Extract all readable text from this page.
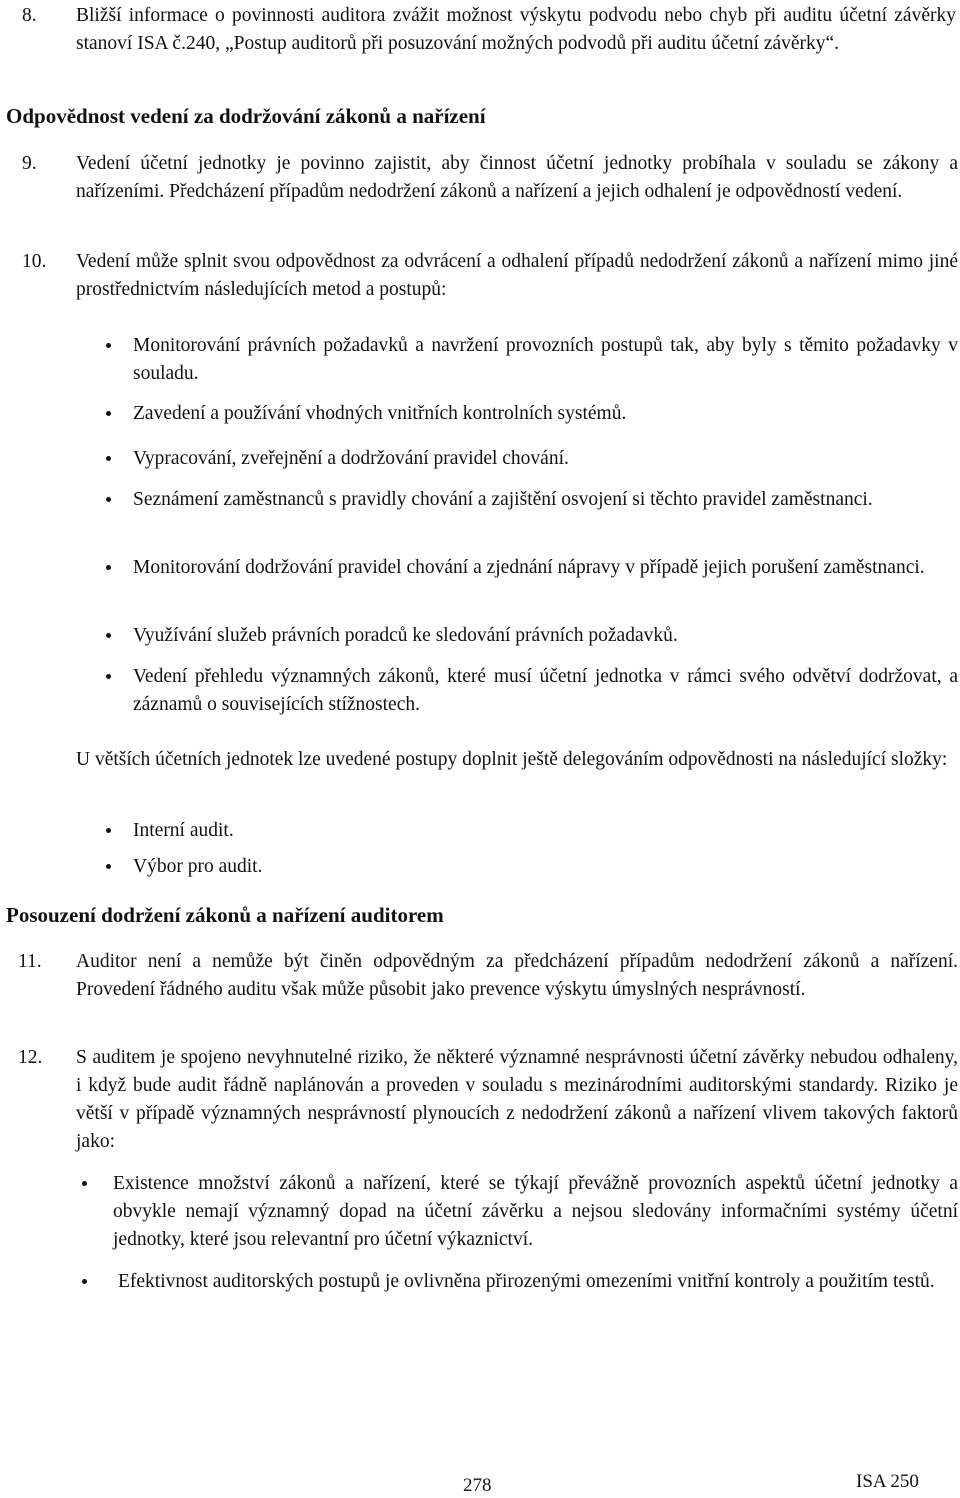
8. Bližší informace o povinnosti auditora zvážit možnost výskytu podvodu nebo chyb při auditu účetní závěrky stanoví ISA č.240, „Postup auditorů při posuzování možných podvodů při auditu účetní závěrky“.
Odpovědnost vedení za dodržování zákonů a nařízení
9. Vedení účetní jednotky je povinno zajistit, aby činnost účetní jednotky probíhala v souladu se zákony a nařízeními. Předcházení případům nedodržení zákonů a nařízení a jejich odhalení je odpovědností vedení.
10. Vedení může splnit svou odpovědnost za odvrácení a odhalení případů nedodržení zákonů a nařízení mimo jiné prostřednictvím následujících metod a postupů:
Monitorování právních požadavků a navržení provozních postupů tak, aby byly s těmito požadavky v souladu.
Zavedení a používání vhodných vnitřních kontrolních systémů.
Vypracování, zveřejnění a dodržování pravidel chování.
Seznámení zaměstnanců s pravidly chování a zajištění osvojení si těchto pravidel zaměstnanci.
Monitorování dodržování pravidel chování a zjednání nápravy v případě jejich porušení zaměstnanci.
Využívání služeb právních poradců ke sledování právních požadavků.
Vedení přehledu významných zákonů, které musí účetní jednotka v rámci svého odvětví dodržovat, a záznamů o souvisejících stížnostech.
U větších účetních jednotek lze uvedené postupy doplnit ještě delegováním odpovědnosti na následující složky:
Interní audit.
Výbor pro audit.
Posouzení dodržení zákonů a nařízení auditorem
11. Auditor není a nemůže být činěn odpovědným za předcházení případům nedodržení zákonů a nařízení. Provedení řádného auditu však může působit jako prevence výskytu úmyslných nesprávností.
12. S auditem je spojeno nevyhnutelné riziko, že některé významné nesprávnosti účetní závěrky nebudou odhaleny, i když bude audit řádně naplánován a proveden v souladu s mezinárodními auditorskými standardy. Riziko je větší v případě významných nesprávností plynoucích z nedodržení zákonů a nařízení vlivem takových faktorů jako:
Existence množství zákonů a nařízení, které se týkají převážně provozních aspektů účetní jednotky a obvykle nemají významný dopad na účetní závěrku a nejsou sledovány informačními systémy účetní jednotky, které jsou relevantní pro účetní výkaznictví.
Efektivnost auditorských postupů je ovlivněna přirozenými omezeními vnitřní kontroly a použitím testů.
278	ISA 250
